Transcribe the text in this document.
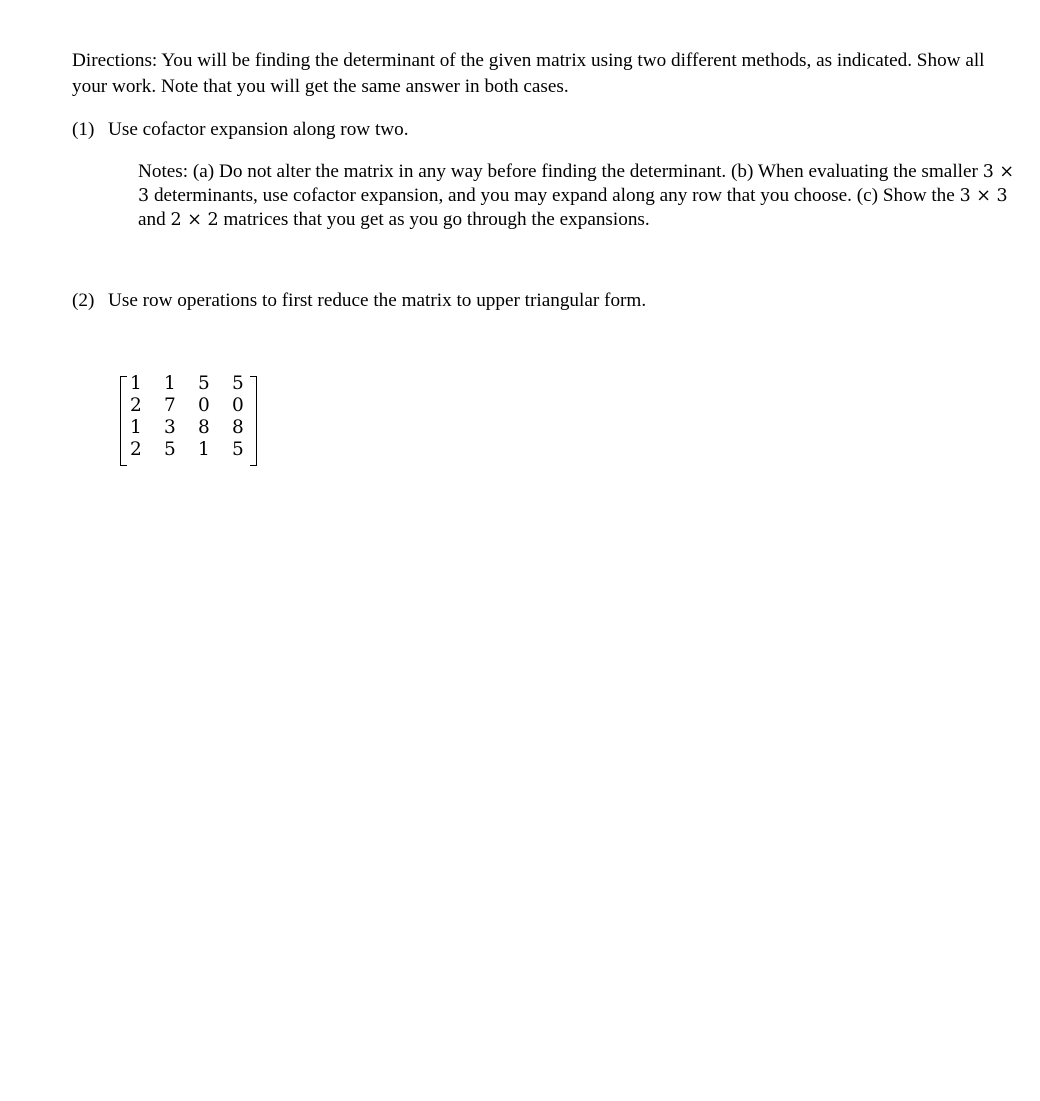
Directions: You will be finding the determinant of the given matrix using two different methods, as indicated. Show all your work. Note that you will get the same answer in both cases.

(1) Use cofactor expansion along row two.

Notes: (a) Do not alter the matrix in any way before finding the determinant. (b) When evaluating the smaller 3 × 3 determinants, use cofactor expansion, and you may expand along any row that you choose. (c) Show the 3 × 3 and 2 × 2 matrices that you get as you go through the expansions.

(2) Use row operations to first reduce the matrix to upper triangular form.

1	1	5	5
2	7	0	0
1	3	8	8
2	5	1	5
